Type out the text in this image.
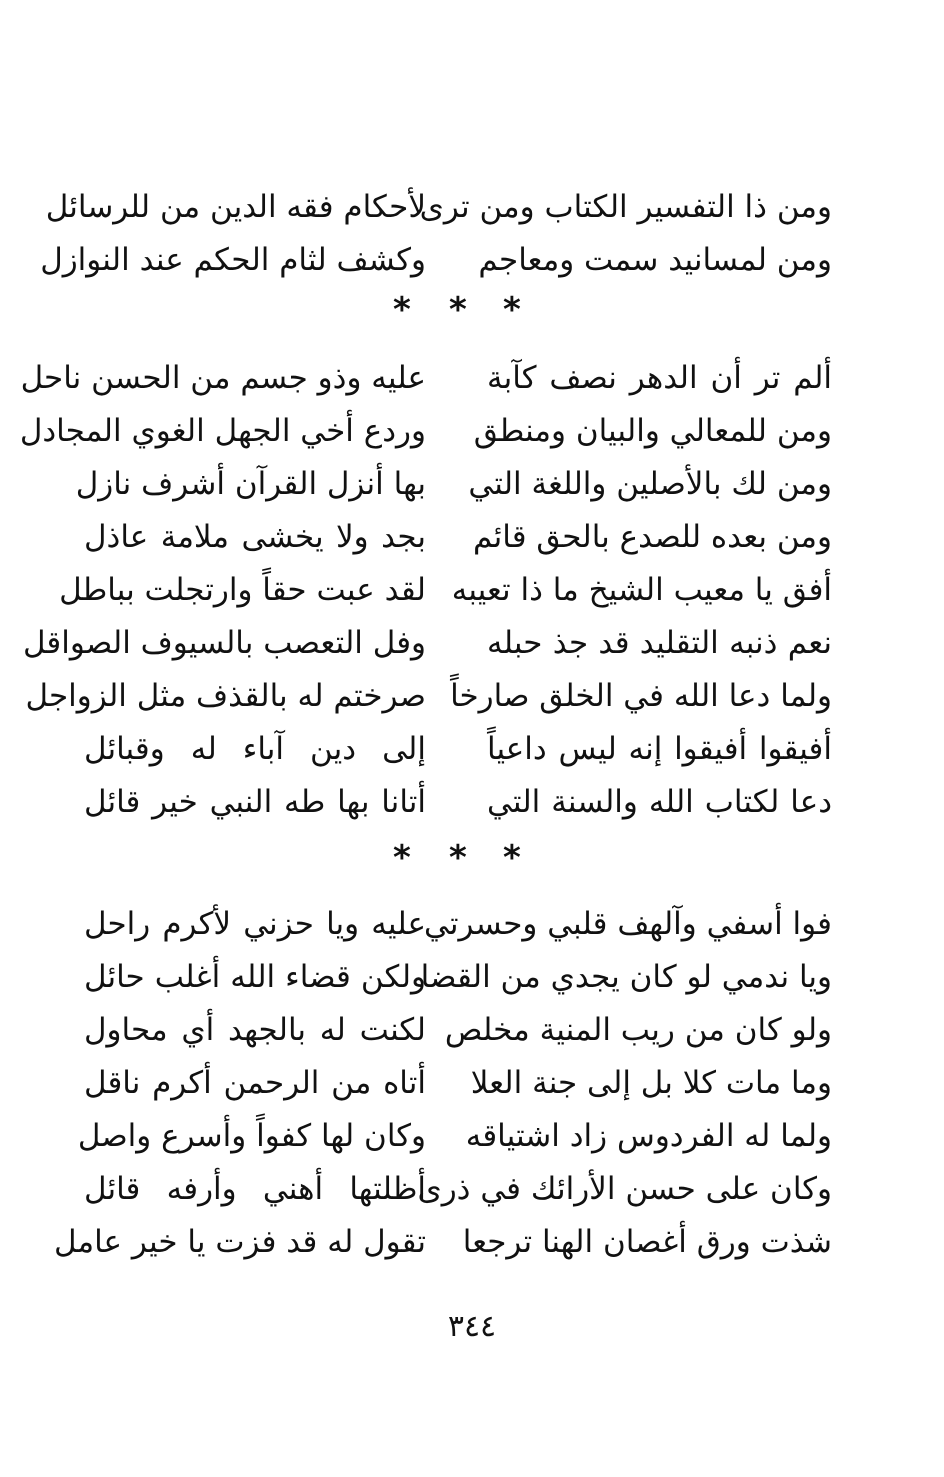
ومن ذا التفسير الكتاب ومن ترى
لأحكام فقه الدين من للرسائل
ومن لمسانيد سمت ومعاجم
وكشف لثام الحكم عند النوازل
* * *
ألم تر أن الدهر نصف كآبة
عليه وذو جسم من الحسن ناحل
ومن للمعالي والبيان ومنطق
وردع أخي الجهل الغوي المجادل
ومن لك بالأصلين واللغة التي
بها أنزل القرآن أشرف نازل
ومن بعده للصدع بالحق قائم
بجد ولا يخشى ملامة عاذل
أفق يا معيب الشيخ ما ذا تعيبه
لقد عبت حقاً وارتجلت بباطل
نعم ذنبه التقليد قد جذ حبله
وفل التعصب بالسيوف الصواقل
ولما دعا الله في الخلق صارخاً
صرختم له بالقذف مثل الزواجل
أفيقوا أفيقوا إنه ليس داعياً
إلى دين آباء له وقبائل
دعا لكتاب الله والسنة التي
أتانا بها طه النبي خير قائل
* * *
فوا أسفي وآلهف قلبي وحسرتي
عليه ويا حزني لأكرم راحل
ويا ندمي لو كان يجدي من القضا
ولكن قضاء الله أغلب حائل
ولو كان من ريب المنية مخلص
لكنت له بالجهد أي محاول
وما مات كلا بل إلى جنة العلا
أتاه من الرحمن أكرم ناقل
ولما له الفردوس زاد اشتياقه
وكان لها كفواً وأسرع واصل
وكان على حسن الأرائك في ذرى
أظلتها أهني وأرفه قائل
شذت ورق أغصان الهنا ترجعا
تقول له قد فزت يا خير عامل
٣٤٤
